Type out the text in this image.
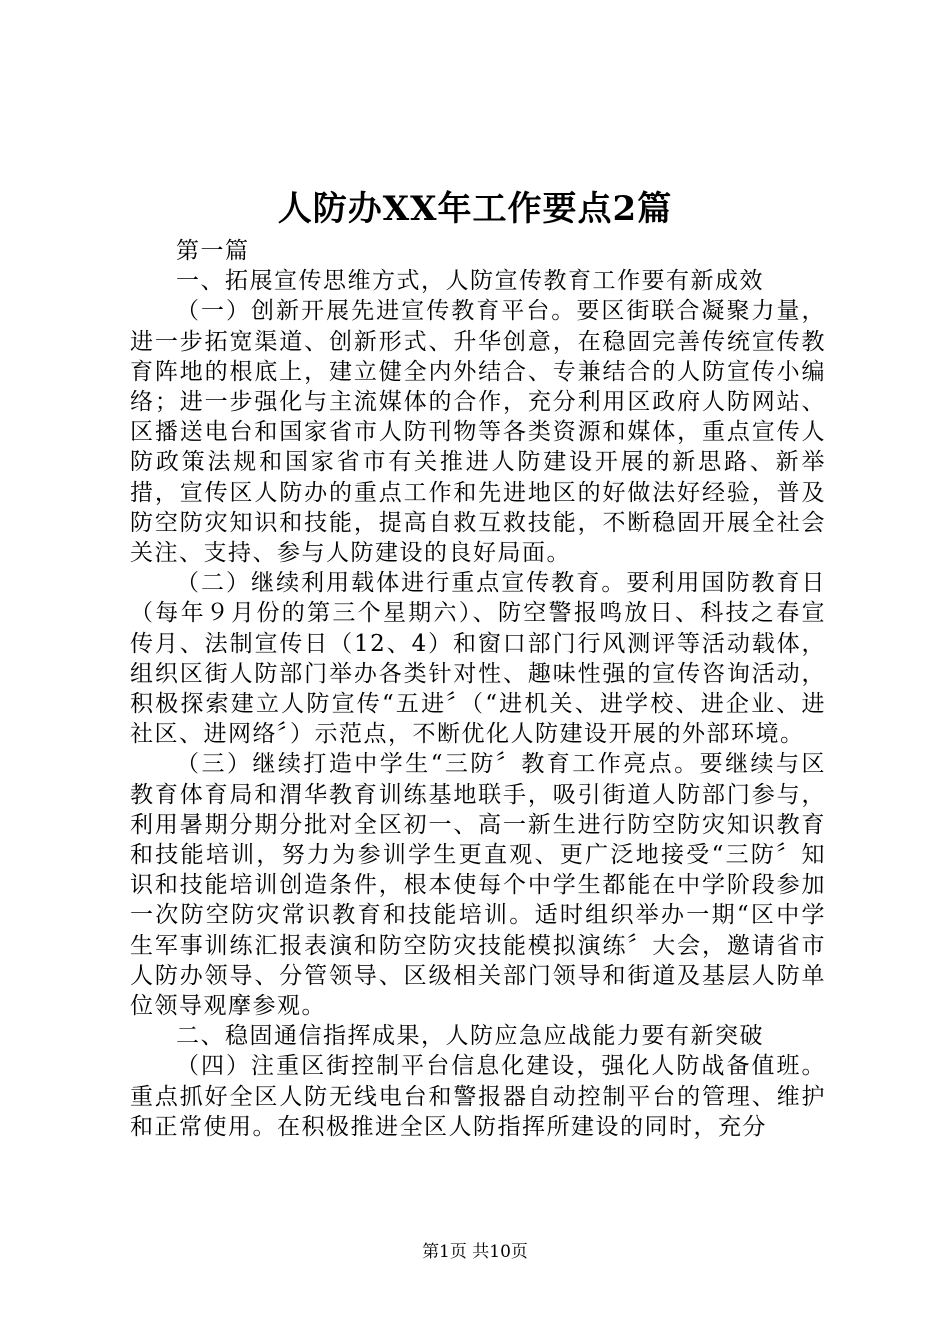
人防办XX年工作要点2篇

第一篇

一、拓展宣传思维方式，人防宣传教育工作要有新成效

（一）创新开展先进宣传教育平台。要区街联合凝聚力量，进一步拓宽渠道、创新形式、升华创意，在稳固完善传统宣传教育阵地的根底上，建立健全内外结合、专兼结合的人防宣传小编络；进一步强化与主流媒体的合作，充分利用区政府人防网站、区播送电台和国家省市人防刊物等各类资源和媒体，重点宣传人防政策法规和国家省市有关推进人防建设开展的新思路、新举措，宣传区人防办的重点工作和先进地区的好做法好经验，普及防空防灾知识和技能，提高自救互救技能，不断稳固开展全社会关注、支持、参与人防建设的良好局面。

（二）继续利用载体进行重点宣传教育。要利用国防教育日（每年９月份的第三个星期六）、防空警报鸣放日、科技之春宣传月、法制宣传日（12、4）和窗口部门行风测评等活动载体，组织区街人防部门举办各类针对性、趣味性强的宣传咨询活动，积极探索建立人防宣传“五进〞（“进机关、进学校、进企业、进社区、进网络〞）示范点，不断优化人防建设开展的外部环境。

（三）继续打造中学生“三防〞教育工作亮点。要继续与区教育体育局和渭华教育训练基地联手，吸引街道人防部门参与，利用暑期分期分批对全区初一、高一新生进行防空防灾知识教育和技能培训，努力为参训学生更直观、更广泛地接受“三防〞知识和技能培训创造条件，根本使每个中学生都能在中学阶段参加一次防空防灾常识教育和技能培训。适时组织举办一期“区中学生军事训练汇报表演和防空防灾技能模拟演练〞大会，邀请省市人防办领导、分管领导、区级相关部门领导和街道及基层人防单位领导观摩参观。

二、稳固通信指挥成果，人防应急应战能力要有新突破

（四）注重区街控制平台信息化建设，强化人防战备值班。重点抓好全区人防无线电台和警报器自动控制平台的管理、维护和正常使用。在积极推进全区人防指挥所建设的同时，充分

第1页 共10页
